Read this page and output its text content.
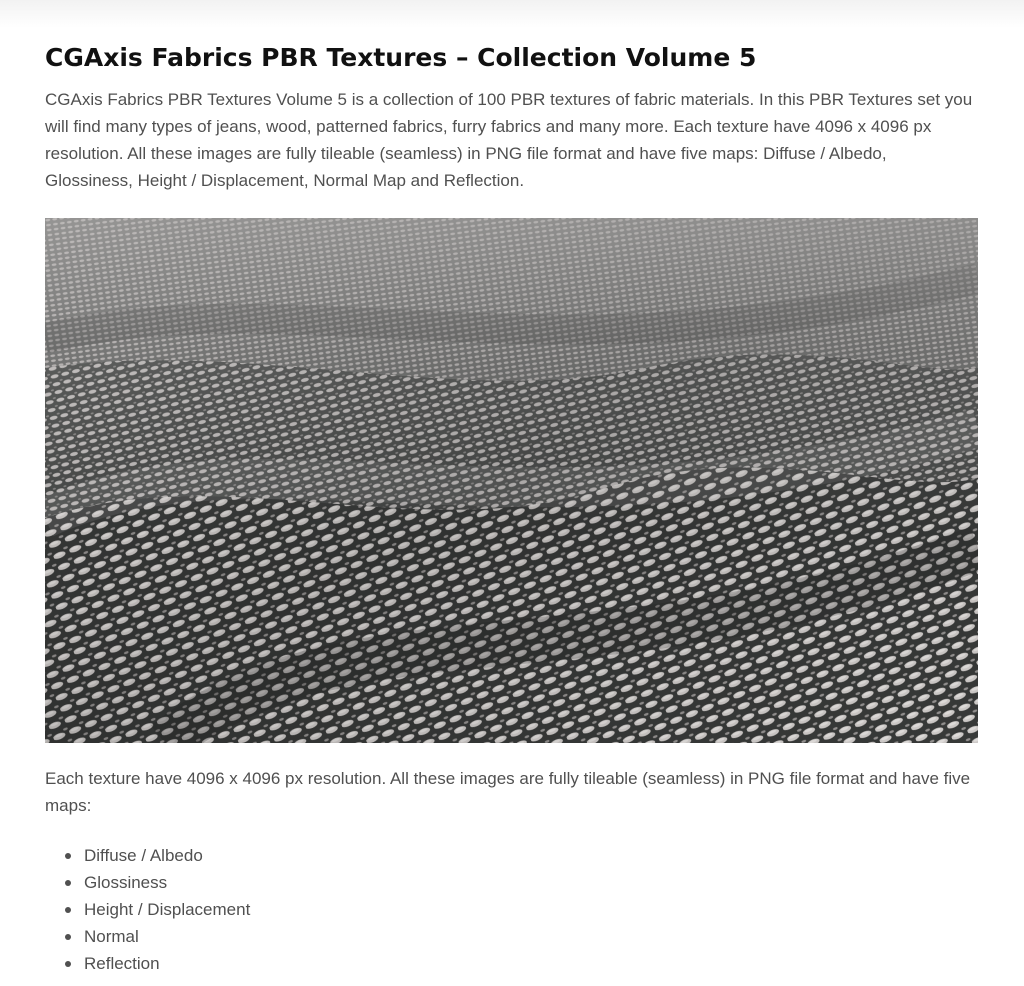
CGAxis Fabrics PBR Textures – Collection Volume 5

CGAxis Fabrics PBR Textures Volume 5 is a collection of 100 PBR textures of fabric materials. In this PBR Textures set you will find many types of jeans, wood, patterned fabrics, furry fabrics and many more. Each texture have 4096 x 4096 px resolution. All these images are fully tileable (seamless) in PNG file format and have five maps: Diffuse / Albedo, Glossiness, Height / Displacement, Normal Map and Reflection.

Each texture have 4096 x 4096 px resolution. All these images are fully tileable (seamless) in PNG file format and have five maps:

Diffuse / Albedo
Glossiness
Height / Displacement
Normal
Reflection
